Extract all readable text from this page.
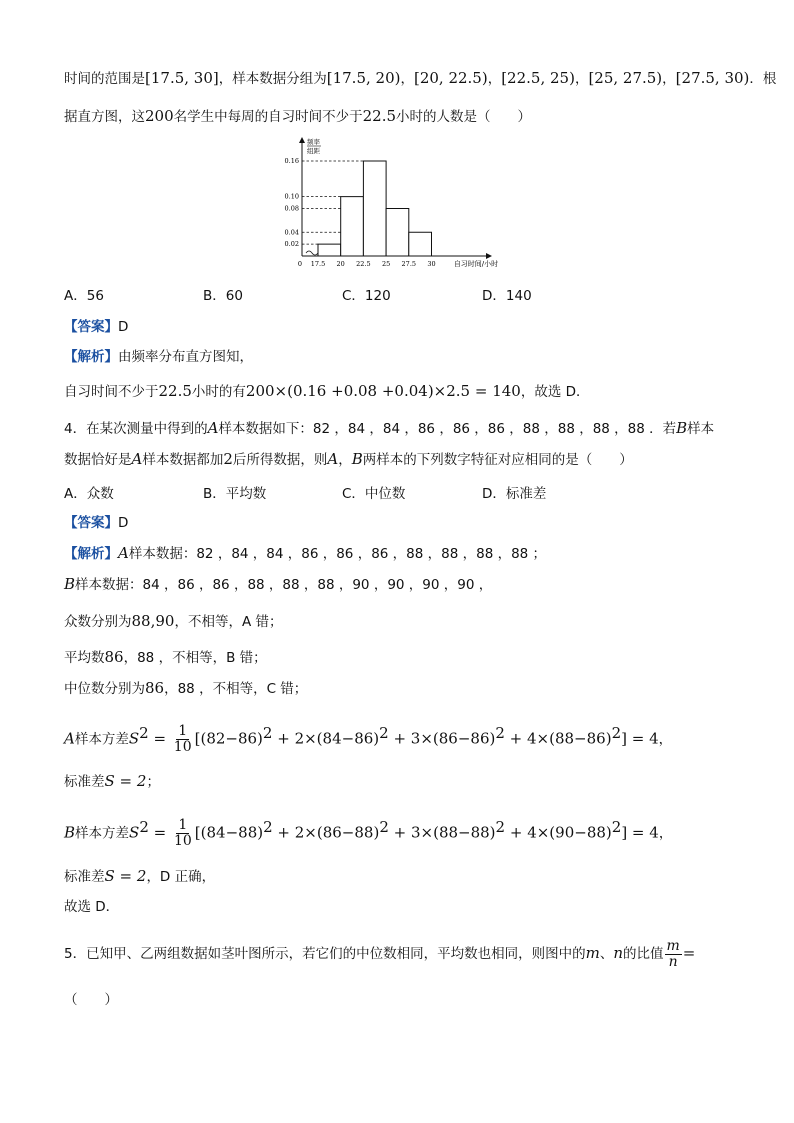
时间的范围是[17.5, 30]，样本数据分组为[17.5, 20)，[20, 22.5)，[22.5, 25)，[25, 27.5)，[27.5, 30)．根
据直方图，这200名学生中每周的自习时间不少于22.5小时的人数是（　　）
0.16
0.10
0.08
0.04
0.02
0 17.5 20 22.5 25 27.5 30	自习时间/小时
频率
组距
A．56	B．60	C．120	D．140
【答案】D
【解析】由频率分布直方图知，
自习时间不少于22.5小时的有200×(0.16 +0.08 +0.04)×2.5 = 140，故选 D．
4．在某次测量中得到的A样本数据如下：82 ，84 ，84 ，86 ，86 ，86 ，88 ，88 ，88 ，88 ．若B样本
数据恰好是A样本数据都加2后所得数据，则A，B两样本的下列数字特征对应相同的是（　　）
A．众数	B．平均数	C．中位数	D．标准差
【答案】D
【解析】A样本数据：82 ，84 ，84 ，86 ，86 ，86 ，88 ，88 ，88 ，88 ；
B样本数据：84 ，86 ，86 ，88 ，88 ，88 ，90 ，90 ，90 ，90 ，
众数分别为88,90，不相等，A 错；
平均数86，88 ，不相等，B 错；
中位数分别为86，88 ，不相等，C 错；
A样本方差$S^2 = \frac{1}{10} [(82-86)^2 + 2\times(84-86)^2 + 3\times(86-86)^2 + 4\times(88-86)^2] = 4$，
标准差S = 2；
B样本方差$S^2 = \frac{1}{10} [(84-88)^2 + 2\times(86-88)^2 + 3\times(88-88)^2 + 4\times(90-88)^2] = 4$，
标准差S = 2，D 正确，
故选 D．
5．已知甲、乙两组数据如茎叶图所示，若它们的中位数相同，平均数也相同，则图中的m、n的比值 $\frac{m}{n}$ =
（　　）
